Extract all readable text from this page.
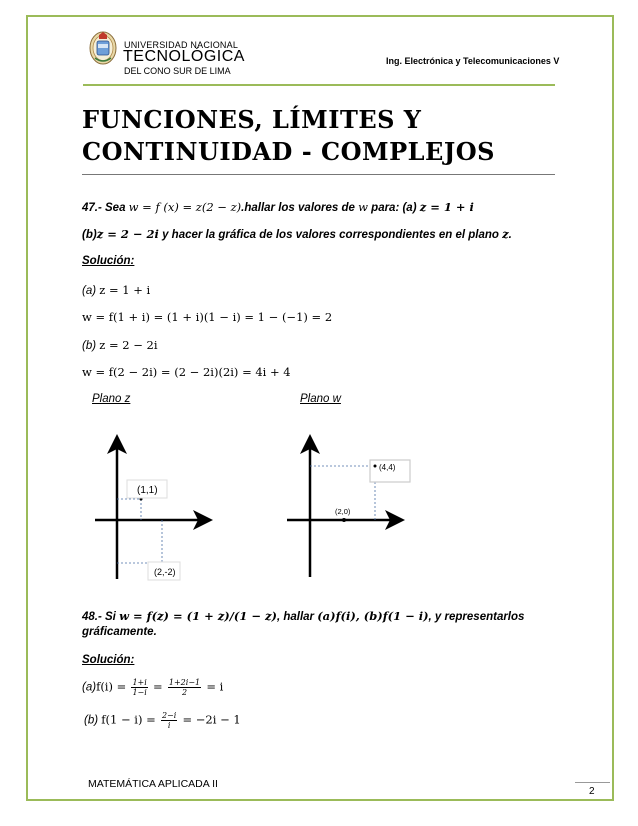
UNIVERSIDAD NACIONAL
TECNOLÓGICA
DEL CONO SUR DE LIMA
Ing. Electrónica y Telecomunicaciones V
FUNCIONES, LÍMITES Y
CONTINUIDAD - COMPLEJOS
47.- Sea w = f (x) = z(2 − z).hallar los valores de w para: (a) z = 1 + i
(b)z = 2 − 2i y hacer la gráfica de los valores correspondientes en el plano z.
Solución:
(a) z = 1 + i
w = f(1 + i) = (1 + i)(1 − i) = 1 − (−1) = 2
(b) z = 2 − 2i
w = f(2 − 2i) = (2 − 2i)(2i) = 4i + 4
Plano z	Plano w
(1,1)
(2,-2)
(4,4)
(2,0)
48.- Si w = f(z) = (1 + z)/(1 − z), hallar (a)f(i), (b)f(1 − i), y representarlos
gráficamente.
Solución:
$(a)f(i) = \frac{1+i}{1-i} = \frac{1+2i-1}{2} = i$
(b) $f(1 - i) = \frac{2-i}{i} = -2i - 1$
MATEMÁTICA APLICADA II
2
